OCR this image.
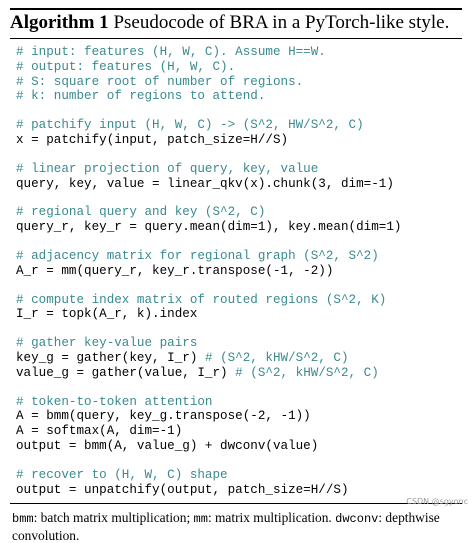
Algorithm 1 Pseudocode of BRA in a PyTorch-like style.
# input: features (H, W, C). Assume H==W.
# output: features (H, W, C).
# S: square root of number of regions.
# k: number of regions to attend.
# patchify input (H, W, C) -> (S^2, HW/S^2, C)
x = patchify(input, patch_size=H//S)
# linear projection of query, key, value
query, key, value = linear_qkv(x).chunk(3, dim=-1)
# regional query and key (S^2, C)
query_r, key_r = query.mean(dim=1), key.mean(dim=1)
# adjacency matrix for regional graph (S^2, S^2)
A_r = mm(query_r, key_r.transpose(-1, -2))
# compute index matrix of routed regions (S^2, K)
I_r = topk(A_r, k).index
# gather key-value pairs
key_g = gather(key, I_r) # (S^2, kHW/S^2, C)
value_g = gather(value, I_r) # (S^2, kHW/S^2, C)
# token-to-token attention
A = bmm(query, key_g.transpose(-2, -1))
A = softmax(A, dim=-1)
output = bmm(A, value_g) + dwconv(value)
# recover to (H, W, C) shape
output = unpatchify(output, patch_size=H//S)
bmm: batch matrix multiplication; mm: matrix multiplication. dwconv: depthwise convolution.
CSDN @sgyonc
